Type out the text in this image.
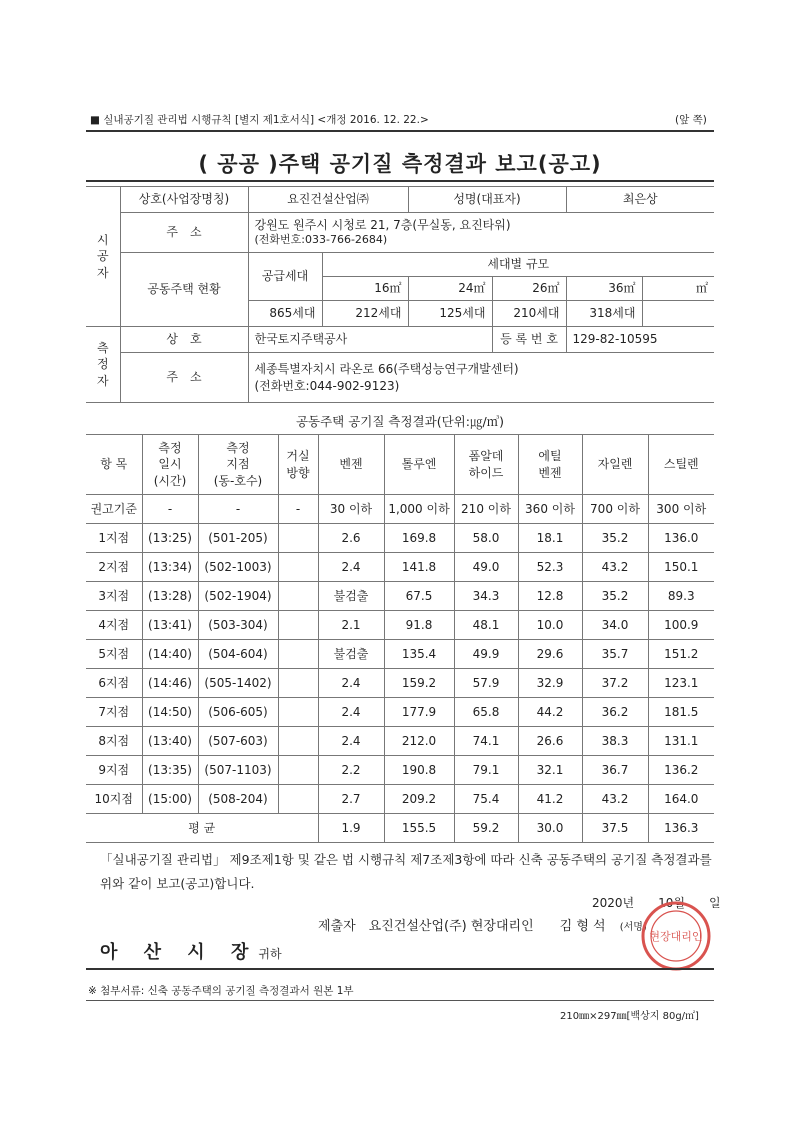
■ 실내공기질 관리법 시행규칙 [별지 제1호서식] <개정 2016. 12. 22.>	(앞 쪽)
( 공공 )주택 공기질 측정결과 보고(공고)
시
공
자	상호(사업장명칭)	요진건설산업㈜		성명(대표자)		최은상	
	주　소	강원도 원주시 시청로 21, 7층(무실동, 요진타워)
(전화번호:033-766-2684)					

	공동주택 현황	공급세대	세대별 규모				
			16㎡	24㎡	26㎡	36㎡	㎡
		865세대	212세대	125세대	210세대	318세대	

측
정
자	상　호	한국토지주택공사			등 록 번 호	129-82-10595	
	주　소	세종특별자치시 라온로 66(주택성능연구개발센터)
(전화번호:044-902-9123)					
공동주택 공기질 측정결과(단위:㎍/㎥)
항 목	측정
일시
(시간)	측정
지점
(동-호수)	거실
방향	벤젠	톨루엔	폼알데
하이드	에틸
벤젠	자일렌	스틸렌
권고기준	-	-	-	30 이하	1,000 이하	210 이하	360 이하	700 이하	300 이하
1지점	(13:25)	(501-205)		2.6	169.8	58.0	18.1	35.2	136.0
2지점	(13:34)	(502-1003)		2.4	141.8	49.0	52.3	43.2	150.1
3지점	(13:28)	(502-1904)		불검출	67.5	34.3	12.8	35.2	89.3
4지점	(13:41)	(503-304)		2.1	91.8	48.1	10.0	34.0	100.9
5지점	(14:40)	(504-604)		불검출	135.4	49.9	29.6	35.7	151.2
6지점	(14:46)	(505-1402)		2.4	159.2	57.9	32.9	37.2	123.1
7지점	(14:50)	(506-605)		2.4	177.9	65.8	44.2	36.2	181.5
8지점	(13:40)	(507-603)		2.4	212.0	74.1	26.6	38.3	131.1
9지점	(13:35)	(507-1103)		2.2	190.8	79.1	32.1	36.7	136.2
10지점	(15:00)	(508-204)		2.7	209.2	75.4	41.2	43.2	164.0
평 균				1.9	155.5	59.2	30.0	37.5	136.3
「실내공기질 관리법」 제9조제1항 및 같은 법 시행규칙 제7조제3항에 따라 신축 공동주택의 공기질 측정결과를 위와 같이 보고(공고)합니다.
2020년　　10월　　일
제출자　요진건설산업(주) 현장대리인　　김 형 석 (서명)
아 산 시 장귀하
현장대리인
※ 첨부서류: 신축 공동주택의 공기질 측정결과서 원본 1부
210㎜×297㎜[백상지 80g/㎡]
